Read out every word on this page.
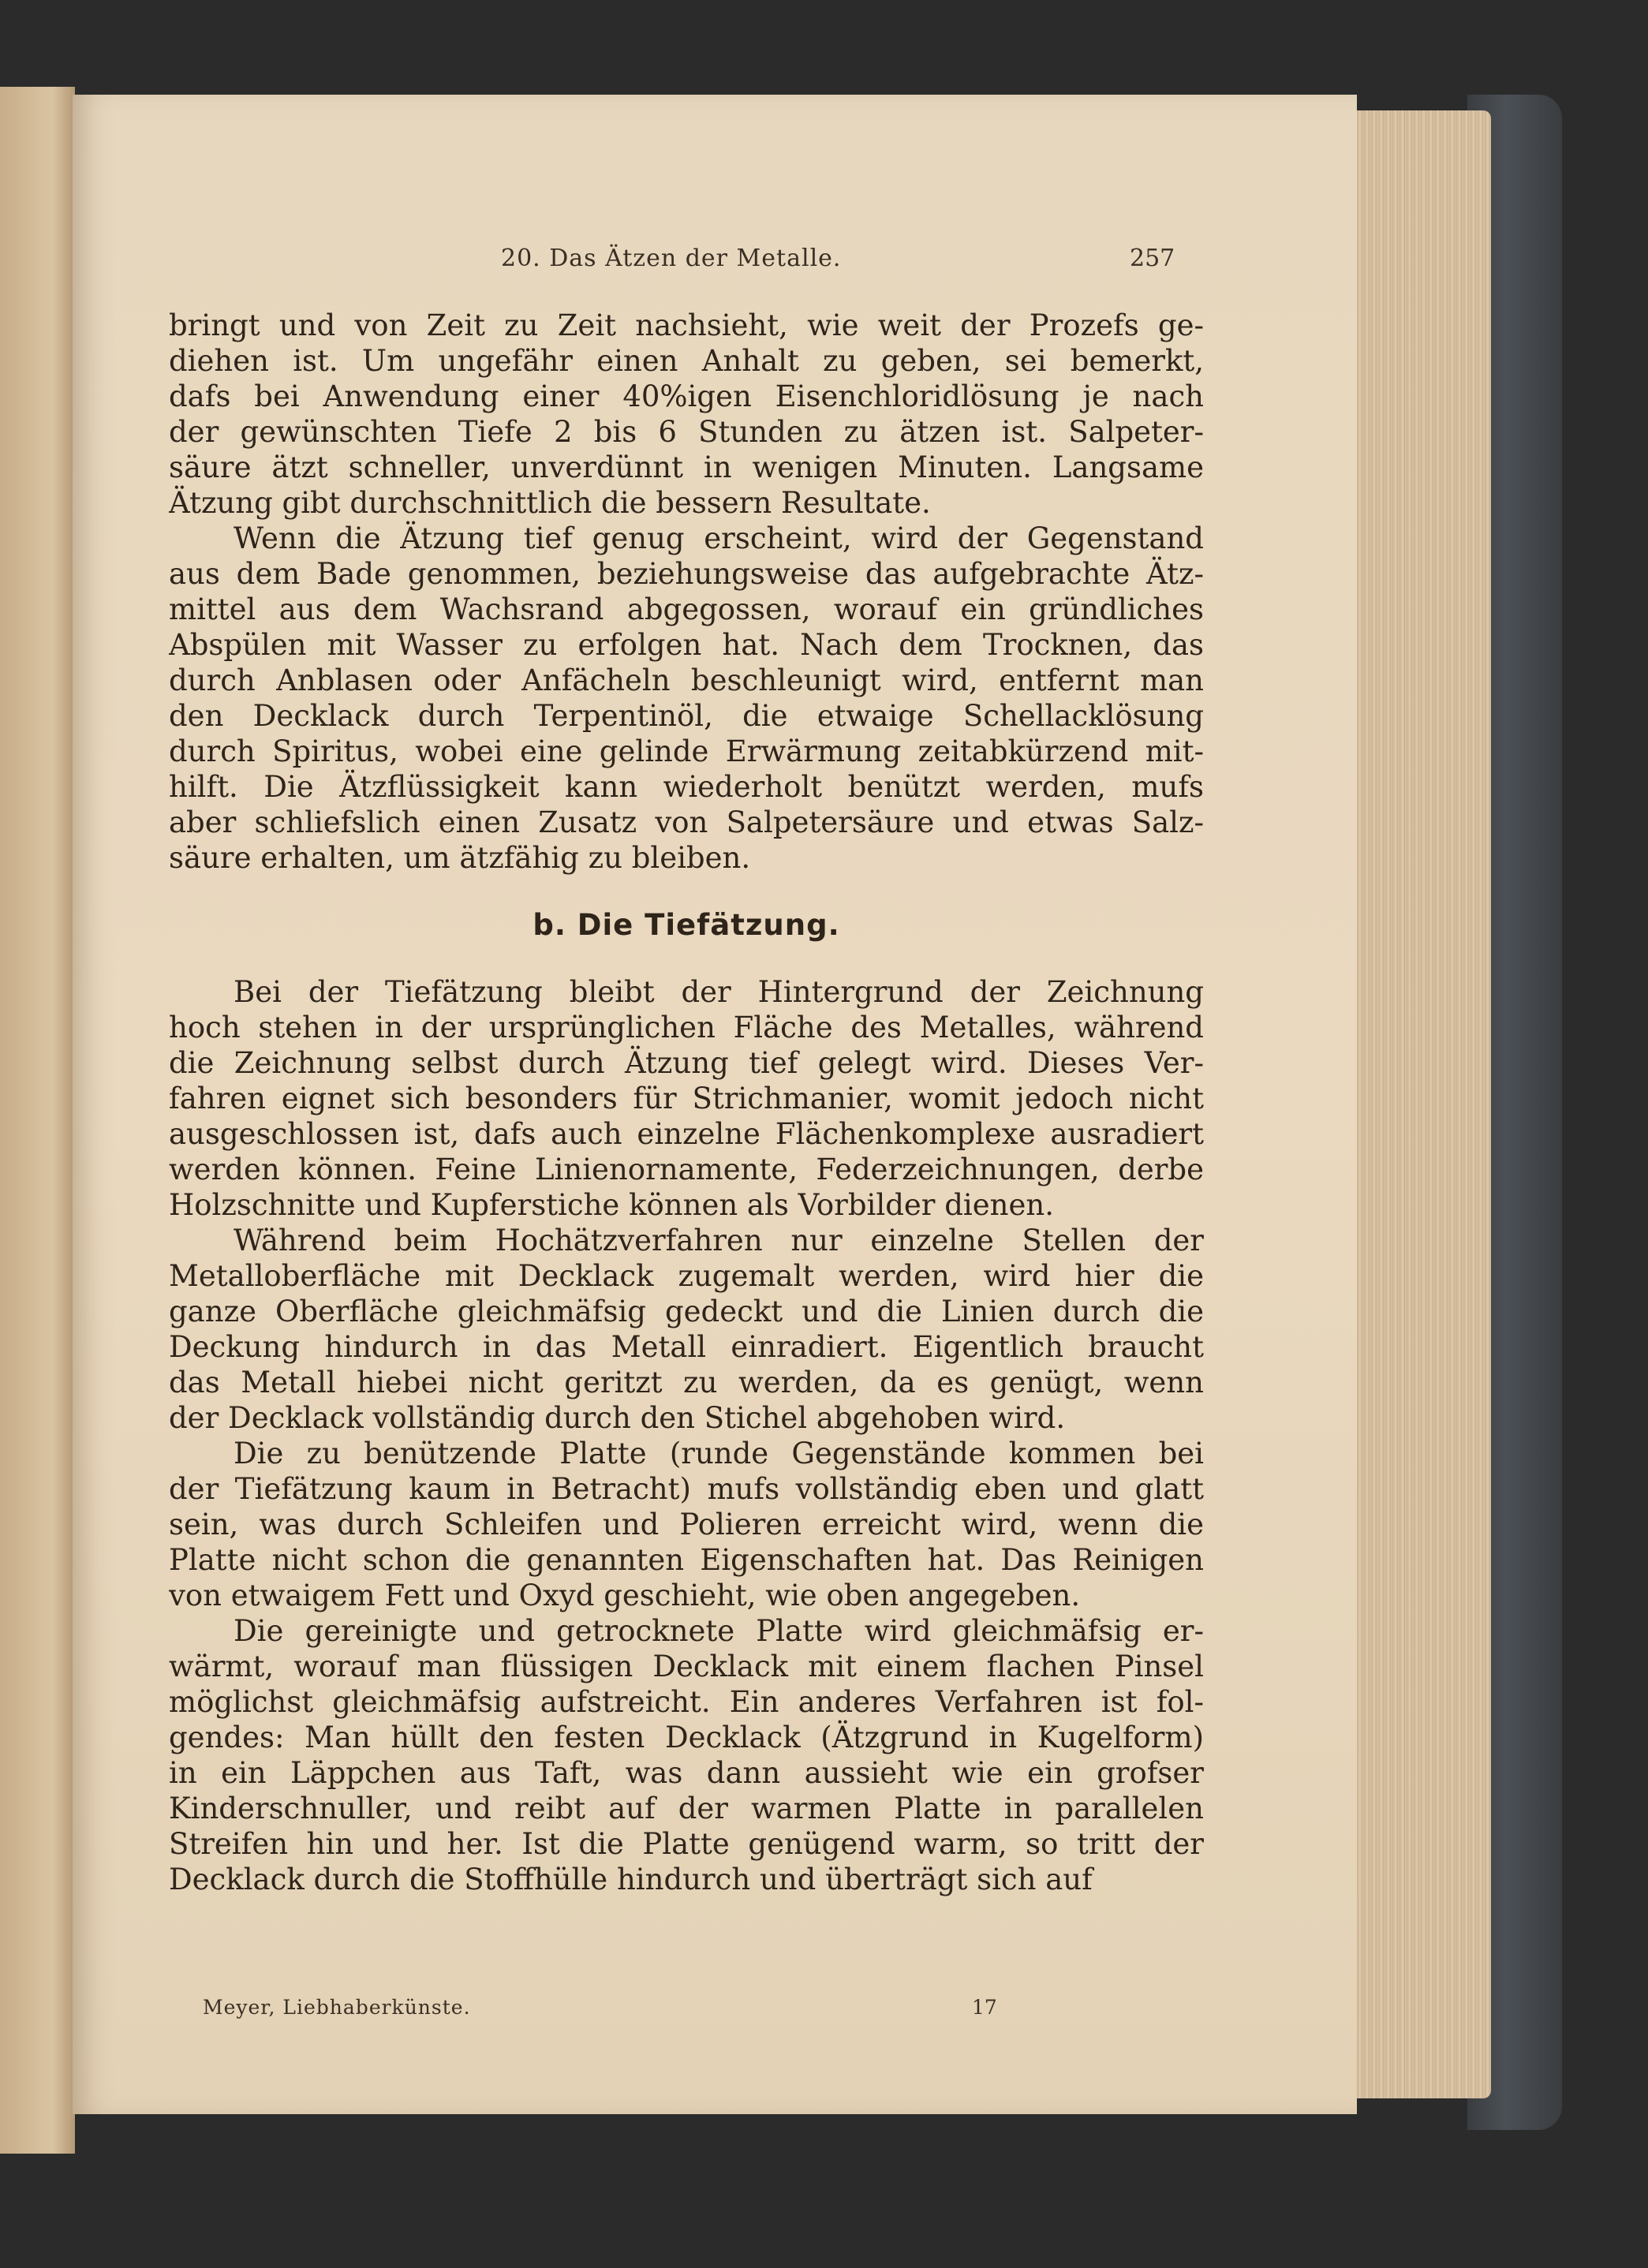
20. Das Ätzen der Metalle.	257
bringt und von Zeit zu Zeit nachsieht, wie weit der Prozefs ge-
diehen ist. Um ungefähr einen Anhalt zu geben, sei bemerkt,
dafs bei Anwendung einer 40%igen Eisenchloridlösung je nach
der gewünschten Tiefe 2 bis 6 Stunden zu ätzen ist. Salpeter-
säure ätzt schneller, unverdünnt in wenigen Minuten. Langsame
Ätzung gibt durchschnittlich die bessern Resultate.
Wenn die Ätzung tief genug erscheint, wird der Gegenstand
aus dem Bade genommen, beziehungsweise das aufgebrachte Ätz-
mittel aus dem Wachsrand abgegossen, worauf ein gründliches
Abspülen mit Wasser zu erfolgen hat. Nach dem Trocknen, das
durch Anblasen oder Anfächeln beschleunigt wird, entfernt man
den Decklack durch Terpentinöl, die etwaige Schellacklösung
durch Spiritus, wobei eine gelinde Erwärmung zeitabkürzend mit-
hilft. Die Ätzflüssigkeit kann wiederholt benützt werden, mufs
aber schliefslich einen Zusatz von Salpetersäure und etwas Salz-
säure erhalten, um ätzfähig zu bleiben.
b. Die Tiefätzung.
Bei der Tiefätzung bleibt der Hintergrund der Zeichnung
hoch stehen in der ursprünglichen Fläche des Metalles, während
die Zeichnung selbst durch Ätzung tief gelegt wird. Dieses Ver-
fahren eignet sich besonders für Strichmanier, womit jedoch nicht
ausgeschlossen ist, dafs auch einzelne Flächenkomplexe ausradiert
werden können. Feine Linienornamente, Federzeichnungen, derbe
Holzschnitte und Kupferstiche können als Vorbilder dienen.
Während beim Hochätzverfahren nur einzelne Stellen der
Metalloberfläche mit Decklack zugemalt werden, wird hier die
ganze Oberfläche gleichmäfsig gedeckt und die Linien durch die
Deckung hindurch in das Metall einradiert. Eigentlich braucht
das Metall hiebei nicht geritzt zu werden, da es genügt, wenn
der Decklack vollständig durch den Stichel abgehoben wird.
Die zu benützende Platte (runde Gegenstände kommen bei
der Tiefätzung kaum in Betracht) mufs vollständig eben und glatt
sein, was durch Schleifen und Polieren erreicht wird, wenn die
Platte nicht schon die genannten Eigenschaften hat. Das Reinigen
von etwaigem Fett und Oxyd geschieht, wie oben angegeben.
Die gereinigte und getrocknete Platte wird gleichmäfsig er-
wärmt, worauf man flüssigen Decklack mit einem flachen Pinsel
möglichst gleichmäfsig aufstreicht. Ein anderes Verfahren ist fol-
gendes: Man hüllt den festen Decklack (Ätzgrund in Kugelform)
in ein Läppchen aus Taft, was dann aussieht wie ein grofser
Kinderschnuller, und reibt auf der warmen Platte in parallelen
Streifen hin und her. Ist die Platte genügend warm, so tritt der
Decklack durch die Stoffhülle hindurch und überträgt sich auf
Meyer, Liebhaberkünste.	17
